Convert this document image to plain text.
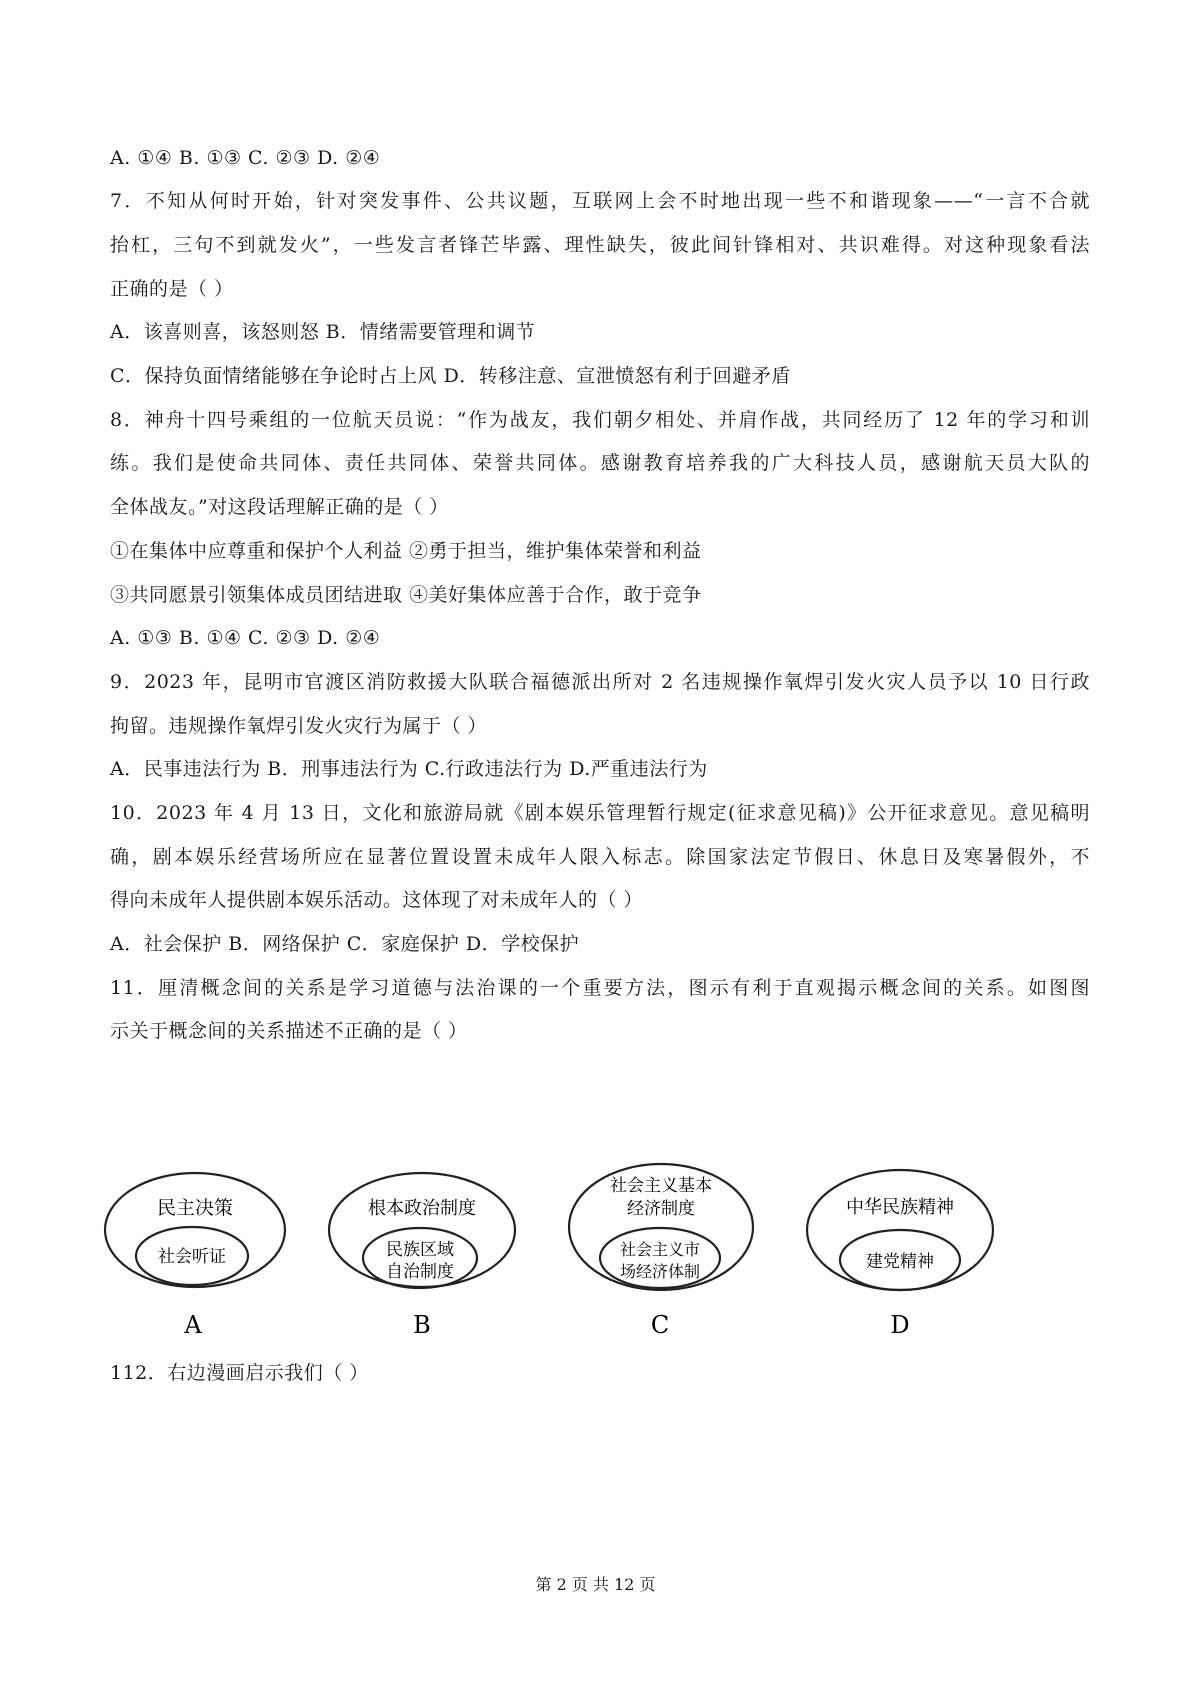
A. ①④ B. ①③ C. ②③ D. ②④
7．不知从何时开始，针对突发事件、公共议题，互联网上会不时地出现一些不和谐现象——“一言不合就
抬杠，三句不到就发火”，一些发言者锋芒毕露、理性缺失，彼此间针锋相对、共识难得。对这种现象看法
正确的是（ ）
A．该喜则喜，该怒则怒 B．情绪需要管理和调节
C．保持负面情绪能够在争论时占上风 D．转移注意、宣泄愤怒有利于回避矛盾
8．神舟十四号乘组的一位航天员说：“作为战友，我们朝夕相处、并肩作战，共同经历了 12 年的学习和训
练。我们是使命共同体、责任共同体、荣誉共同体。感谢教育培养我的广大科技人员，感谢航天员大队的
全体战友。”对这段话理解正确的是（ ）
①在集体中应尊重和保护个人利益 ②勇于担当，维护集体荣誉和利益
③共同愿景引领集体成员团结进取 ④美好集体应善于合作，敢于竞争
A. ①③ B. ①④ C. ②③ D. ②④
9．2023 年，昆明市官渡区消防救援大队联合福德派出所对 2 名违规操作氧焊引发火灾人员予以 10 日行政
拘留。违规操作氧焊引发火灾行为属于（ ）
A．民事违法行为 B．刑事违法行为 C.行政违法行为 D.严重违法行为
10．2023 年 4 月 13 日，文化和旅游局就《剧本娱乐管理暂行规定(征求意见稿)》公开征求意见。意见稿明
确，剧本娱乐经营场所应在显著位置设置未成年人限入标志。除国家法定节假日、休息日及寒暑假外，不
得向未成年人提供剧本娱乐活动。这体现了对未成年人的（ ）
A．社会保护 B．网络保护 C．家庭保护 D．学校保护
11．厘清概念间的关系是学习道德与法治课的一个重要方法，图示有利于直观揭示概念间的关系。如图图
示关于概念间的关系描述不正确的是（ ）
民主决策
社会听证
A
根本政治制度
民族区域
自治制度
B
社会主义基本
经济制度
社会主义市
场经济体制
C
中华民族精神
建党精神
D
112．右边漫画启示我们（ ）
第 2 页 共 12 页
